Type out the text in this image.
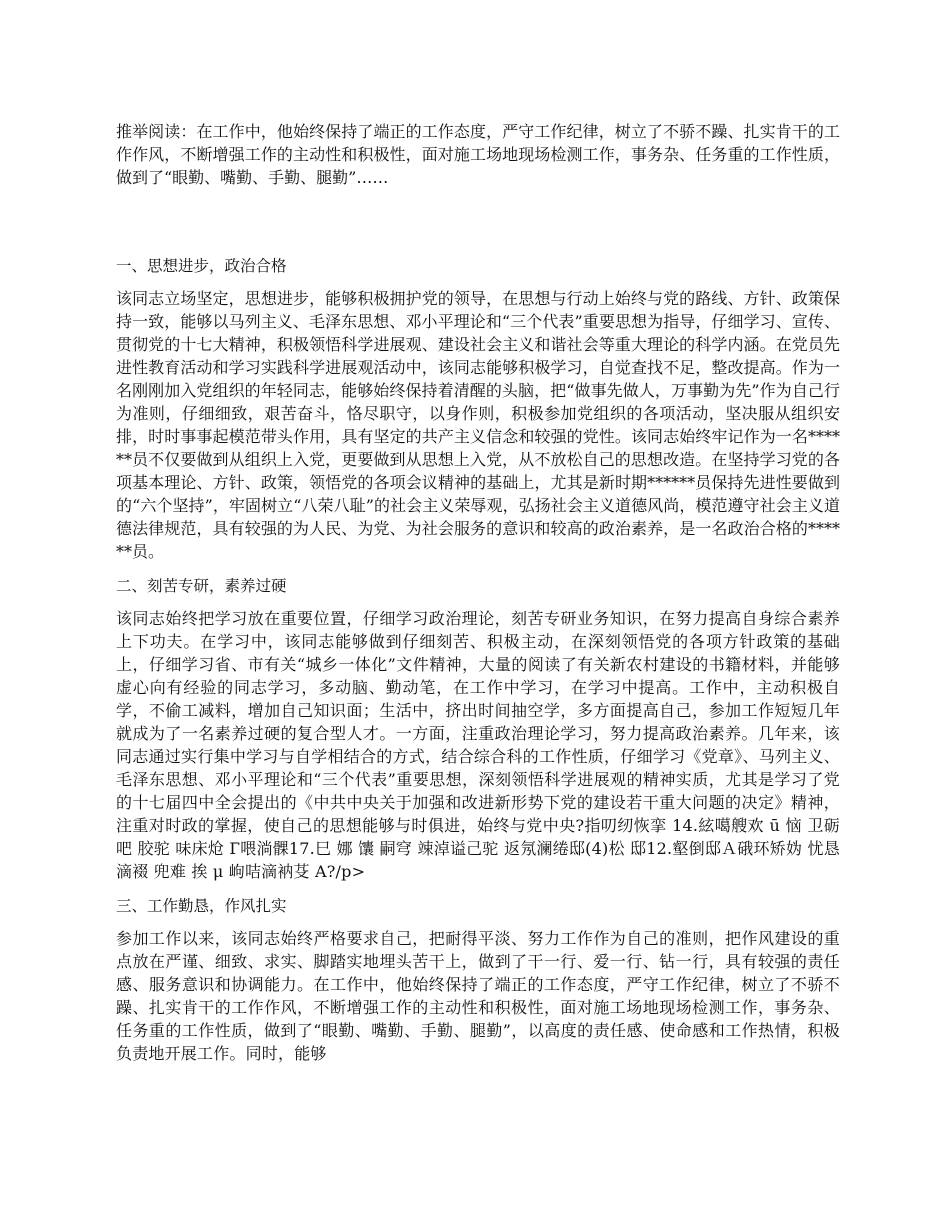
推举阅读：在工作中，他始终保持了端正的工作态度，严守工作纪律，树立了不骄不躁、扎实肯干的工作作风，不断增强工作的主动性和积极性，面对施工场地现场检测工作，事务杂、任务重的工作性质，做到了“眼勤、嘴勤、手勤、腿勤”……

一、思想进步，政治合格

该同志立场坚定，思想进步，能够积极拥护党的领导，在思想与行动上始终与党的路线、方针、政策保持一致，能够以马列主义、毛泽东思想、邓小平理论和“三个代表”重要思想为指导，仔细学习、宣传、贯彻党的十七大精神，积极领悟科学进展观、建设社会主义和谐社会等重大理论的科学内涵。在党员先进性教育活动和学习实践科学进展观活动中，该同志能够积极学习，自觉查找不足，整改提高。作为一名刚刚加入党组织的年轻同志，能够始终保持着清醒的头脑，把“做事先做人，万事勤为先”作为自己行为准则，仔细细致，艰苦奋斗，恪尽职守，以身作则，积极参加党组织的各项活动，坚决服从组织安排，时时事事起模范带头作用，具有坚定的共产主义信念和较强的党性。该同志始终牢记作为一名******员不仅要做到从组织上入党，更要做到从思想上入党，从不放松自己的思想改造。在坚持学习党的各项基本理论、方针、政策，领悟党的各项会议精神的基础上，尤其是新时期******员保持先进性要做到的“六个坚持”，牢固树立“八荣八耻”的社会主义荣辱观，弘扬社会主义道德风尚，模范遵守社会主义道德法律规范，具有较强的为人民、为党、为社会服务的意识和较高的政治素养，是一名政治合格的******员。

二、刻苦专研，素养过硬

该同志始终把学习放在重要位置，仔细学习政治理论，刻苦专研业务知识，在努力提高自身综合素养上下功夫。在学习中，该同志能够做到仔细刻苦、积极主动，在深刻领悟党的各项方针政策的基础上，仔细学习省、市有关“城乡一体化”文件精神，大量的阅读了有关新农村建设的书籍材料，并能够虚心向有经验的同志学习，多动脑、勤动笔，在工作中学习，在学习中提高。工作中，主动积极自学，不偷工减料，增加自己知识面；生活中，挤出时间抽空学，多方面提高自己，参加工作短短几年就成为了一名素养过硬的复合型人才。一方面，注重政治理论学习，努力提高政治素养。几年来，该同志通过实行集中学习与自学相结合的方式，结合综合科的工作性质，仔细学习《党章》、马列主义、毛泽东思想、邓小平理论和“三个代表”重要思想，深刻领悟科学进展观的精神实质，尤其是学习了党的十七届四中全会提出的《中共中央关于加强和改进新形势下党的建设若干重大问题的决定》精神，注重对时政的掌握，使自己的思想能够与时俱进，始终与党中央?指叨纫恢挛 14.絃噶艘欢 ū 恼 卫砺吧 胶驼 味床炝 Г喂淌髁17.巳 娜 馕 嗣穹 竦淖谥己驼 返氖澜绻邸(4)松 邸12.壑倒邸Ａ硪环矫妫 忧恳滴裰 兜难 挨 μ 岣咭滴衲芟 A?/p>

三、工作勤恳，作风扎实

参加工作以来，该同志始终严格要求自己，把耐得平淡、努力工作作为自己的准则，把作风建设的重点放在严谨、细致、求实、脚踏实地埋头苦干上，做到了干一行、爱一行、钻一行，具有较强的责任感、服务意识和协调能力。在工作中，他始终保持了端正的工作态度，严守工作纪律，树立了不骄不躁、扎实肯干的工作作风，不断增强工作的主动性和积极性，面对施工场地现场检测工作，事务杂、任务重的工作性质，做到了“眼勤、嘴勤、手勤、腿勤”，以高度的责任感、使命感和工作热情，积极负责地开展工作。同时，能够
